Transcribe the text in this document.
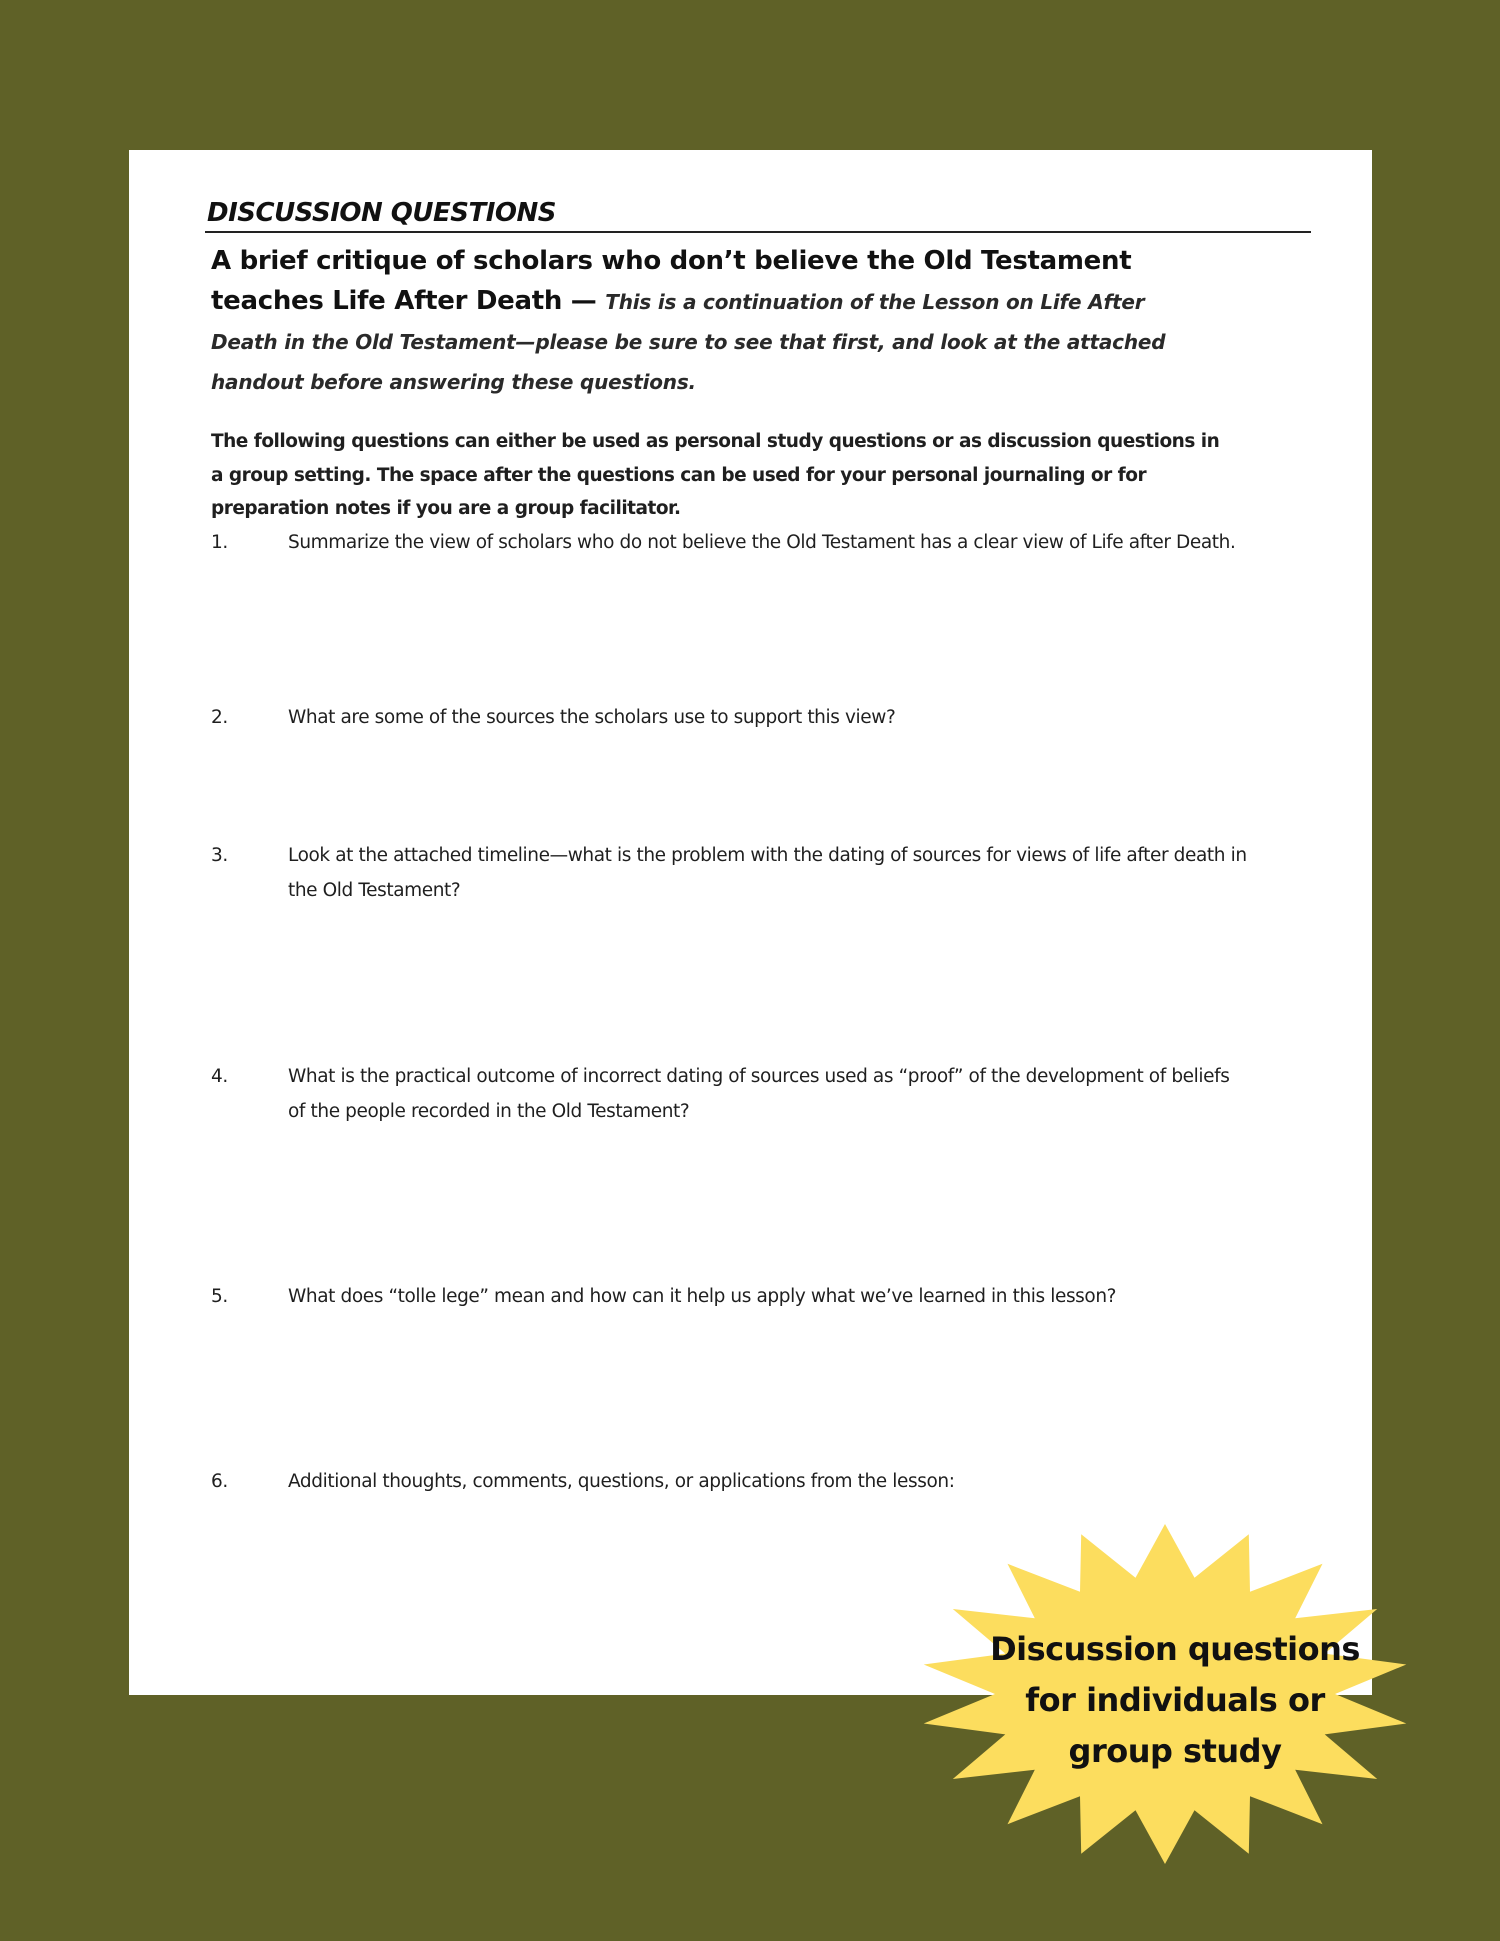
DISCUSSION QUESTIONS
A brief critique of scholars who don’t believe the Old Testament teaches Life After Death — This is a continuation of the Lesson on Life After Death in the Old Testament—please be sure to see that first, and look at the attached handout before answering these questions.
The following questions can either be used as personal study questions or as discussion questions in a group setting. The space after the questions can be used for your personal journaling or for preparation notes if you are a group facilitator.
1.	Summarize the view of scholars who do not believe the Old Testament has a clear view of Life after Death.
2.	What are some of the sources the scholars use to support this view?
3.	Look at the attached timeline—what is the problem with the dating of sources for views of life after death in the Old Testament?
4.	What is the practical outcome of incorrect dating of sources used as “proof” of the development of beliefs of the people recorded in the Old Testament?
5.	What does “tolle lege” mean and how can it help us apply what we’ve learned in this lesson?
6.	Additional thoughts, comments, questions, or applications from the lesson:
Discussion questions
for individuals or
group study
